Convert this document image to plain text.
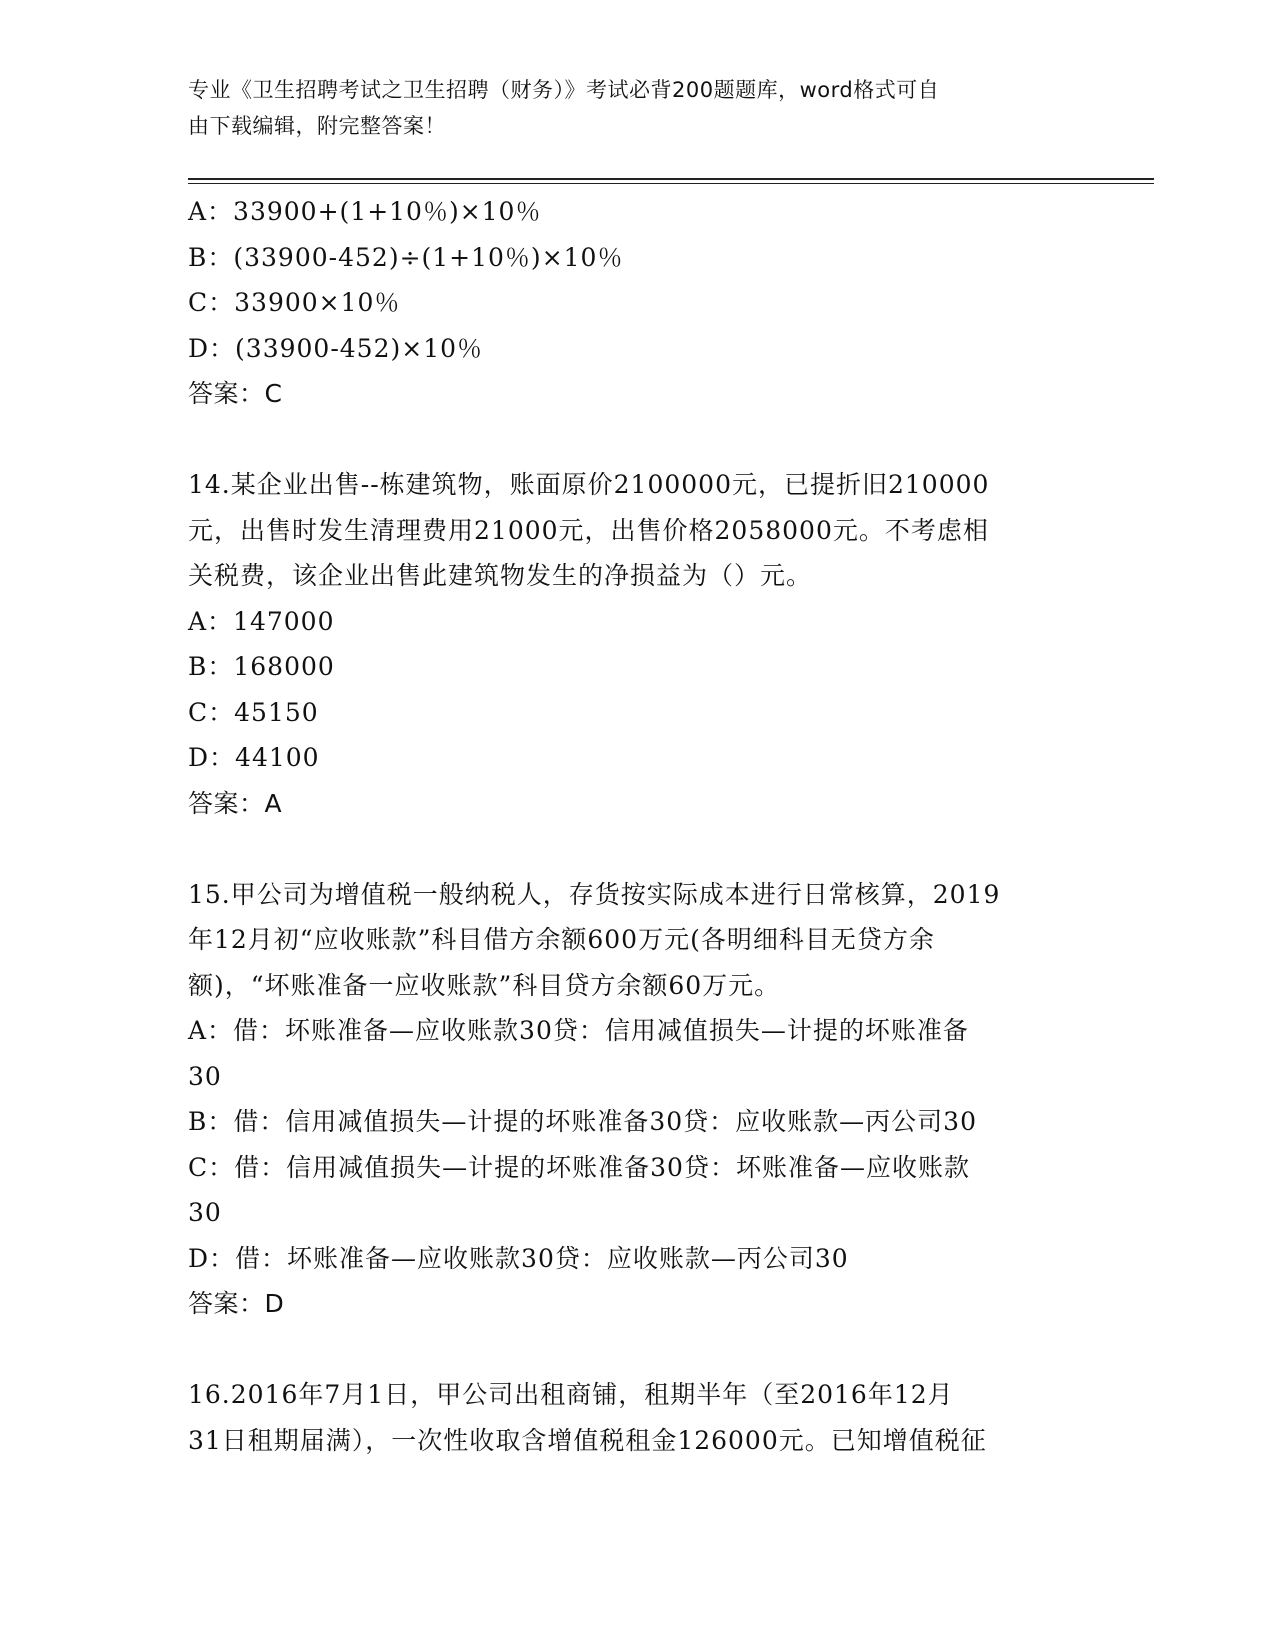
专业《卫生招聘考试之卫生招聘（财务）》考试必背200题题库，word格式可自
由下载编辑，附完整答案！
A：33900+(1+10％)×10％
B：(33900-452)÷(1+10％)×10％
C：33900×10％
D：(33900-452)×10％
答案：C
14.某企业出售--栋建筑物，账面原价2100000元，已提折旧210000
元，出售时发生清理费用21000元，出售价格2058000元。不考虑相
关税费，该企业出售此建筑物发生的净损益为（）元。
A：147000
B：168000
C：45150
D：44100
答案：A
15.甲公司为增值税一般纳税人，存货按实际成本进行日常核算，2019
年12月初“应收账款”科目借方余额600万元(各明细科目无贷方余
额)，“坏账准备一应收账款”科目贷方余额60万元。
A：借：坏账准备—应收账款30贷：信用减值损失—计提的坏账准备
30
B：借：信用减值损失—计提的坏账准备30贷：应收账款—丙公司30
C：借：信用减值损失—计提的坏账准备30贷：坏账准备—应收账款
30
D：借：坏账准备—应收账款30贷：应收账款—丙公司30
答案：D
16.2016年7月1日，甲公司出租商铺，租期半年（至2016年12月
31日租期届满），一次性收取含增值税租金126000元。已知增值税征
